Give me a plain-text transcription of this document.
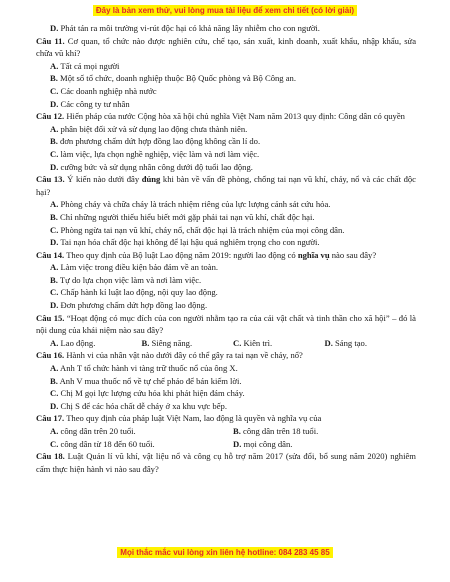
Đây là bản xem thử, vui lòng mua tài liệu để xem chi tiết (có lời giải)

D. Phát tán ra môi trường vi-rút độc hại có khả năng lây nhiễm cho con người.

Câu 11. Cơ quan, tổ chức nào được nghiên cứu, chế tạo, sản xuất, kinh doanh, xuất khẩu, nhập khẩu, sửa chữa vũ khí?

A. Tất cả mọi người

B. Một số tổ chức, doanh nghiệp thuộc Bộ Quốc phòng và Bộ Công an.

C. Các doanh nghiệp nhà nước

D. Các công ty tư nhân

Câu 12. Hiến pháp của nước Cộng hòa xã hội chủ nghĩa Việt Nam năm 2013 quy định: Công dân có quyền

A. phân biệt đối xử và sử dụng lao động chưa thành niên.

B. đơn phương chấm dứt hợp đồng lao động không cần lí do.

C. làm việc, lựa chọn nghề nghiệp, việc làm và nơi làm việc.

D. cưỡng bức và sử dụng nhân công dưới độ tuổi lao động.

Câu 13. Ý kiến nào dưới đây đúng khi bàn về vấn đề phòng, chống tai nạn vũ khí, cháy, nổ và các chất độc hại?

A. Phòng cháy và chữa cháy là trách nhiệm riêng của lực lượng cảnh sát cứu hỏa.

B. Chỉ những người thiếu hiểu biết mới gặp phải tai nạn vũ khí, chất độc hại.

C. Phòng ngừa tai nạn vũ khí, cháy nổ, chất độc hại là trách nhiệm của mọi công dân.

D. Tai nạn hóa chất độc hại không để lại hậu quả nghiêm trọng cho con người.

Câu 14. Theo quy định của Bộ luật Lao động năm 2019: người lao động có nghĩa vụ nào sau đây?

A. Làm việc trong điều kiện bảo đảm về an toàn.

B. Tự do lựa chọn việc làm và nơi làm việc.

C. Chấp hành kỉ luật lao động, nội quy lao động.

D. Đơn phương chấm dứt hợp đồng lao động.

Câu 15. “Hoạt động có mục đích của con người nhằm tạo ra của cải vật chất và tinh thần cho xã hội” – đó là nội dung của khái niệm nào sau đây?

A. Lao động.	B. Siêng năng.	C. Kiên trì.	D. Sáng tạo.

Câu 16. Hành vi của nhân vật nào dưới đây có thể gây ra tai nạn về cháy, nổ?

A. Anh T tổ chức hành vi tàng trữ thuốc nổ của ông X.

B. Anh V mua thuốc nổ về tự chế pháo để bán kiếm lời.

C. Chị M gọi lực lượng cứu hỏa khi phát hiện đám cháy.

D. Chị S để các hóa chất dễ cháy ở xa khu vực bếp.

Câu 17. Theo quy định của pháp luật Việt Nam, lao động là quyền và nghĩa vụ của

A. công dân trên 20 tuổi.	B. công dân trên 18 tuổi.
C. công dân từ 18 đến 60 tuổi.	D. mọi công dân.

Câu 18. Luật Quản lí vũ khí, vật liệu nổ và công cụ hỗ trợ năm 2017 (sửa đổi, bổ sung năm 2020) nghiêm cấm thực hiện hành vi nào sau đây?

Mọi thắc mắc vui lòng xin liên hệ hotline: 084 283 45 85
